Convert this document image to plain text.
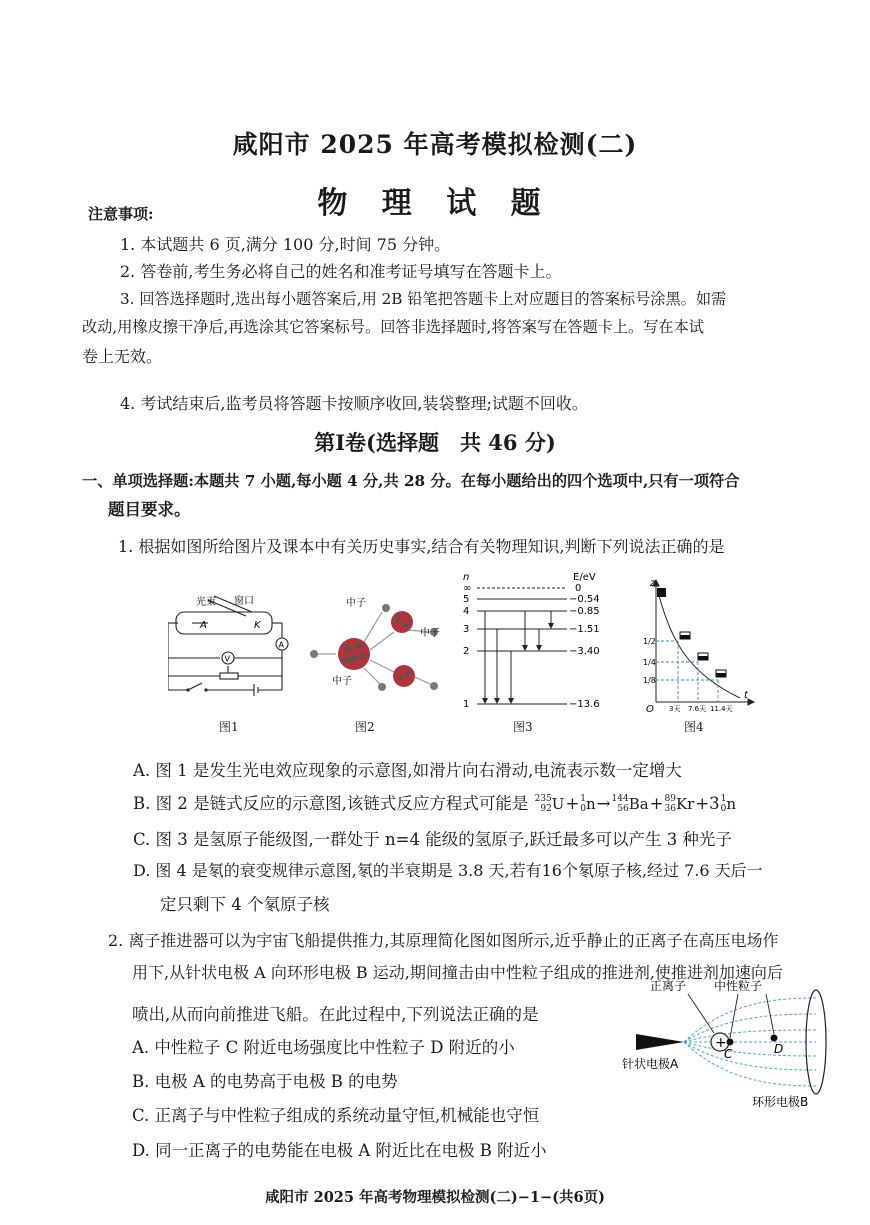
咸阳市 2025 年高考模拟检测(二)
物 理 试 题
注意事项:
1. 本试题共 6 页,满分 100 分,时间 75 分钟。
2. 答卷前,考生务必将自己的姓名和准考证号填写在答题卡上。
3. 回答选择题时,选出每小题答案后,用 2B 铅笔把答题卡上对应题目的答案标号涂黑。如需
改动,用橡皮擦干净后,再选涂其它答案标号。回答非选择题时,将答案写在答题卡上。写在本试
卷上无效。
4. 考试结束后,监考员将答题卡按顺序收回,装袋整理;试题不回收。
第Ⅰ卷(选择题　共 46 分)
一、单项选择题:本题共 7 小题,每小题 4 分,共 28 分。在每小题给出的四个选项中,只有一项符合
题目要求。
1. 根据如图所给图片及课本中有关历史事实,结合有关物理知识,判断下列说法正确的是
光束 窗口
A	K
A
V
图1
中子
中子
中子
图2
n	E/eV
∞
5
4
3
2
1
0
−0.54
−0.85
−1.51
−3.40
−13.6
图3
z
t
O
1/2
1/4
1/8
3天 7.6天 11.4天
图4
A. 图 1 是发生光电效应现象的示意图,如滑片向右滑动,电流表示数一定增大
B. 图 2 是链式反应的示意图,该链式反应方程式可能是 235
92U+1
0n→144
56Ba+89
36Kr+31
0n
C. 图 3 是氢原子能级图,一群处于 n=4 能级的氢原子,跃迁最多可以产生 3 种光子
D. 图 4 是氡的衰变规律示意图,氡的半衰期是 3.8 天,若有16个氡原子核,经过 7.6 天后一
定只剩下 4 个氡原子核
2. 离子推进器可以为宇宙飞船提供推力,其原理简化图如图所示,近乎静止的正离子在高压电场作
用下,从针状电极 A 向环形电极 B 运动,期间撞击由中性粒子组成的推进剂,使推进剂加速向后
喷出,从而向前推进飞船。在此过程中,下列说法正确的是
A. 中性粒子 C 附近电场强度比中性粒子 D 附近的小
B. 电极 A 的电势高于电极 B 的电势
C. 正离子与中性粒子组成的系统动量守恒,机械能也守恒
D. 同一正离子的电势能在电极 A 附近比在电极 B 附近小
+
正离子 中性粒子
C	D
针状电极A
环形电极B
咸阳市 2025 年高考物理模拟检测(二)−1−(共6页)
